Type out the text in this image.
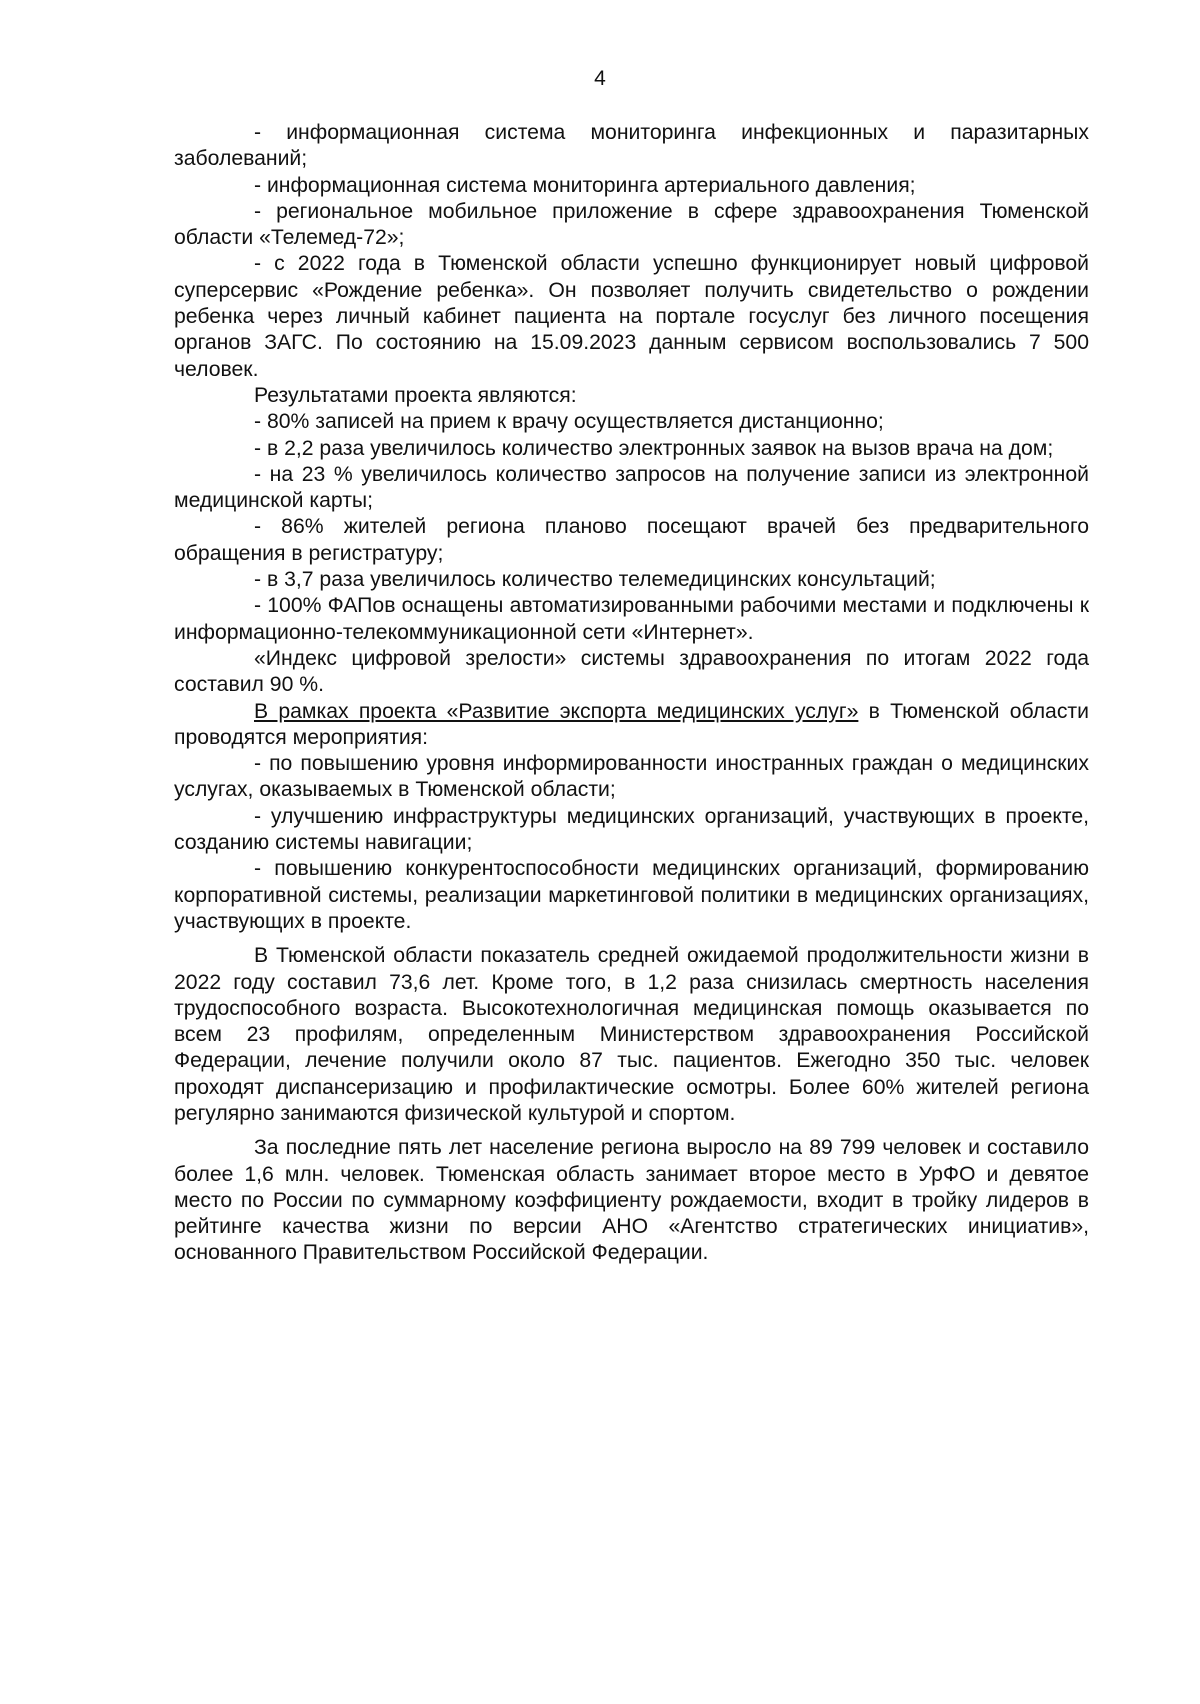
4

- информационная система мониторинга инфекционных и паразитарных заболеваний;

- информационная система мониторинга артериального давления;

- региональное мобильное приложение в сфере здравоохранения Тюменской области «Телемед-72»;

- с 2022 года в Тюменской области успешно функционирует новый цифровой суперсервис «Рождение ребенка». Он позволяет получить свидетельство о рождении ребенка через личный кабинет пациента на портале госуслуг без личного посещения органов ЗАГС. По состоянию на 15.09.2023 данным сервисом воспользовались 7 500 человек.

Результатами проекта являются:

- 80% записей на прием к врачу осуществляется дистанционно;

- в 2,2 раза увеличилось количество электронных заявок на вызов врача на дом;

- на 23 % увеличилось количество запросов на получение записи из электронной медицинской карты;

- 86% жителей региона планово посещают врачей без предварительного обращения в регистратуру;

- в 3,7 раза увеличилось количество телемедицинских консультаций;

- 100% ФАПов оснащены автоматизированными рабочими местами и подключены к информационно-телекоммуникационной сети «Интернет».

«Индекс цифровой зрелости» системы здравоохранения по итогам 2022 года составил 90 %.

В рамках проекта «Развитие экспорта медицинских услуг» в Тюменской области проводятся мероприятия:

- по повышению уровня информированности иностранных граждан о медицинских услугах, оказываемых в Тюменской области;

- улучшению инфраструктуры медицинских организаций, участвующих в проекте, созданию системы навигации;

- повышению конкурентоспособности медицинских организаций, формированию корпоративной системы, реализации маркетинговой политики в медицинских организациях, участвующих в проекте.

В Тюменской области показатель средней ожидаемой продолжительности жизни в 2022 году составил 73,6 лет. Кроме того, в 1,2 раза снизилась смертность населения трудоспособного возраста. Высокотехнологичная медицинская помощь оказывается по всем 23 профилям, определенным Министерством здравоохранения Российской Федерации, лечение получили около 87 тыс. пациентов. Ежегодно 350 тыс. человек проходят диспансеризацию и профилактические осмотры. Более 60% жителей региона регулярно занимаются физической культурой и спортом.

За последние пять лет население региона выросло на 89 799 человек и составило более 1,6 млн. человек. Тюменская область занимает второе место в УрФО и девятое место по России по суммарному коэффициенту рождаемости, входит в тройку лидеров в рейтинге качества жизни по версии АНО «Агентство стратегических инициатив», основанного Правительством Российской Федерации.
